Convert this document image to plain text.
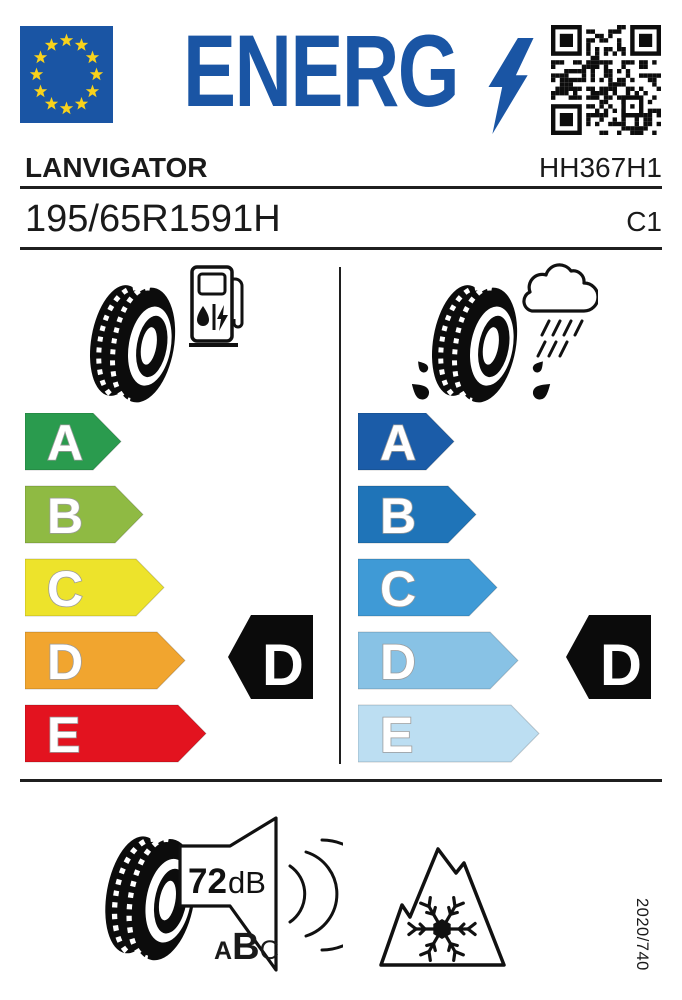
ENERG
LANVIGATOR	HH367H1
195/65R1591H	C1
A
B
C
D
E
A
B
C
D
E
D	D
72 dB
ABC	2020/740
